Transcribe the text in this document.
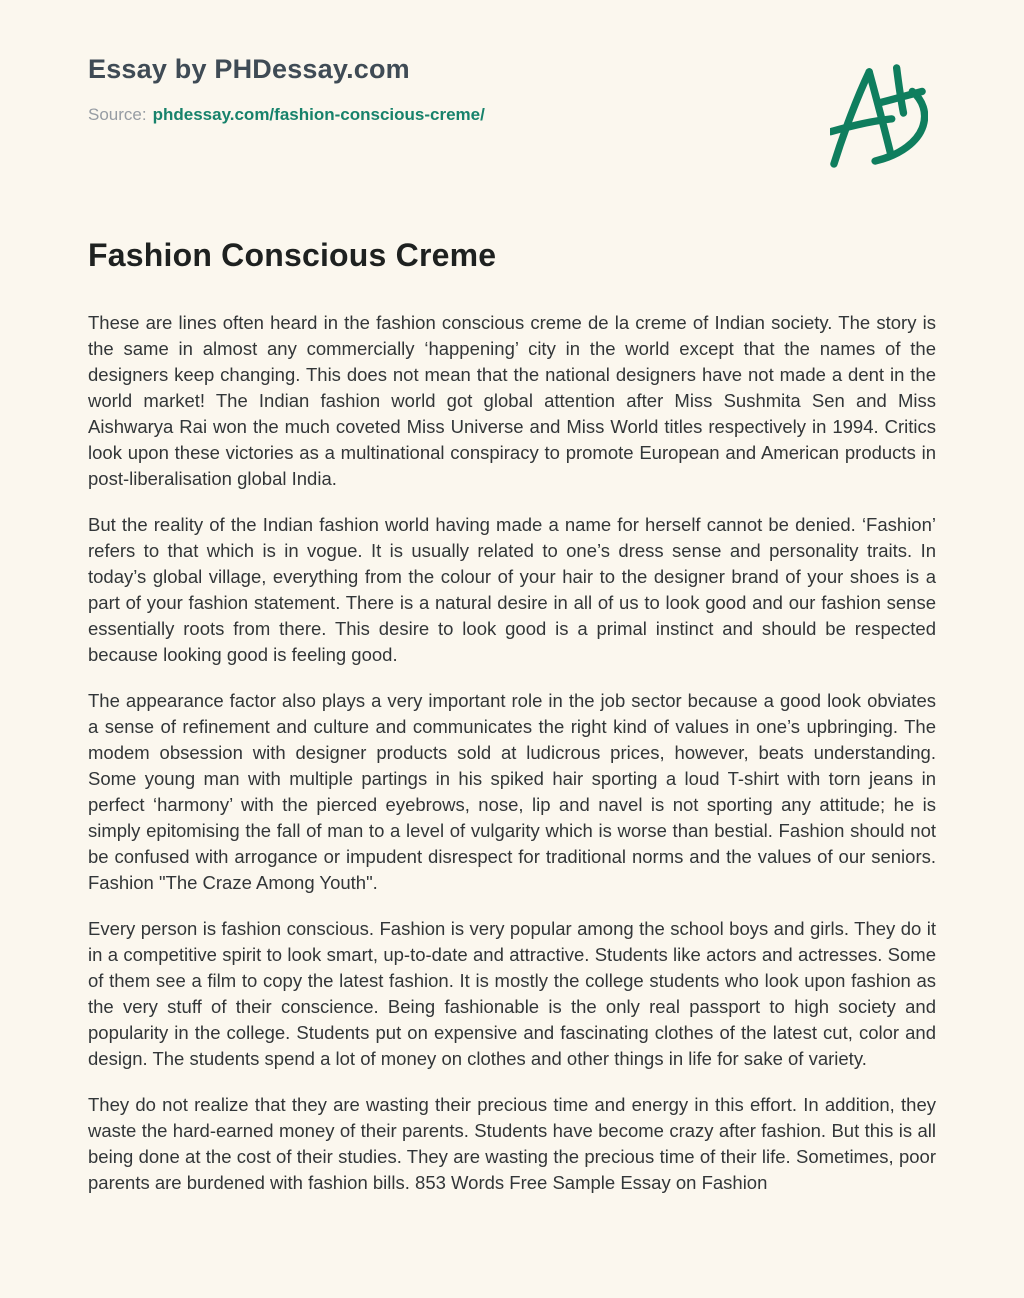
Essay by PHDessay.com
Source: phdessay.com/fashion-conscious-creme/
Fashion Conscious Creme

These are lines often heard in the fashion conscious creme de la creme of Indian society. The story is the same in almost any commercially ‘happening’ city in the world except that the names of the designers keep changing. This does not mean that the national designers have not made a dent in the world market! The Indian fashion world got global attention after Miss Sushmita Sen and Miss Aishwarya Rai won the much coveted Miss Universe and Miss World titles respectively in 1994. Critics look upon these victories as a multinational conspiracy to promote European and American products in post-liberalisation global India.

But the reality of the Indian fashion world having made a name for herself cannot be denied. ‘Fashion’ refers to that which is in vogue. It is usually related to one’s dress sense and personality traits. In today’s global village, everything from the colour of your hair to the designer brand of your shoes is a part of your fashion statement. There is a natural desire in all of us to look good and our fashion sense essentially roots from there. This desire to look good is a primal instinct and should be respected because looking good is feeling good.

The appearance factor also plays a very important role in the job sector because a good look obviates a sense of refinement and culture and communicates the right kind of values in one’s upbringing. The modem obsession with designer products sold at ludicrous prices, however, beats understanding. Some young man with multiple partings in his spiked hair sporting a loud T-shirt with torn jeans in perfect ‘harmony’ with the pierced eyebrows, nose, lip and navel is not sporting any attitude; he is simply epitomising the fall of man to a level of vulgarity which is worse than bestial. Fashion should not be confused with arrogance or impudent disrespect for traditional norms and the values of our seniors. Fashion "The Craze Among Youth".

Every person is fashion conscious. Fashion is very popular among the school boys and girls. They do it in a competitive spirit to look smart, up-to-date and attractive. Students like actors and actresses. Some of them see a film to copy the latest fashion. It is mostly the college students who look upon fashion as the very stuff of their conscience. Being fashionable is the only real passport to high society and popularity in the college. Students put on expensive and fascinating clothes of the latest cut, color and design. The students spend a lot of money on clothes and other things in life for sake of variety.

They do not realize that they are wasting their precious time and energy in this effort. In addition, they waste the hard-earned money of their parents. Students have become crazy after fashion. But this is all being done at the cost of their studies. They are wasting the precious time of their life. Sometimes, poor parents are burdened with fashion bills. 853 Words Free Sample Essay on Fashion
